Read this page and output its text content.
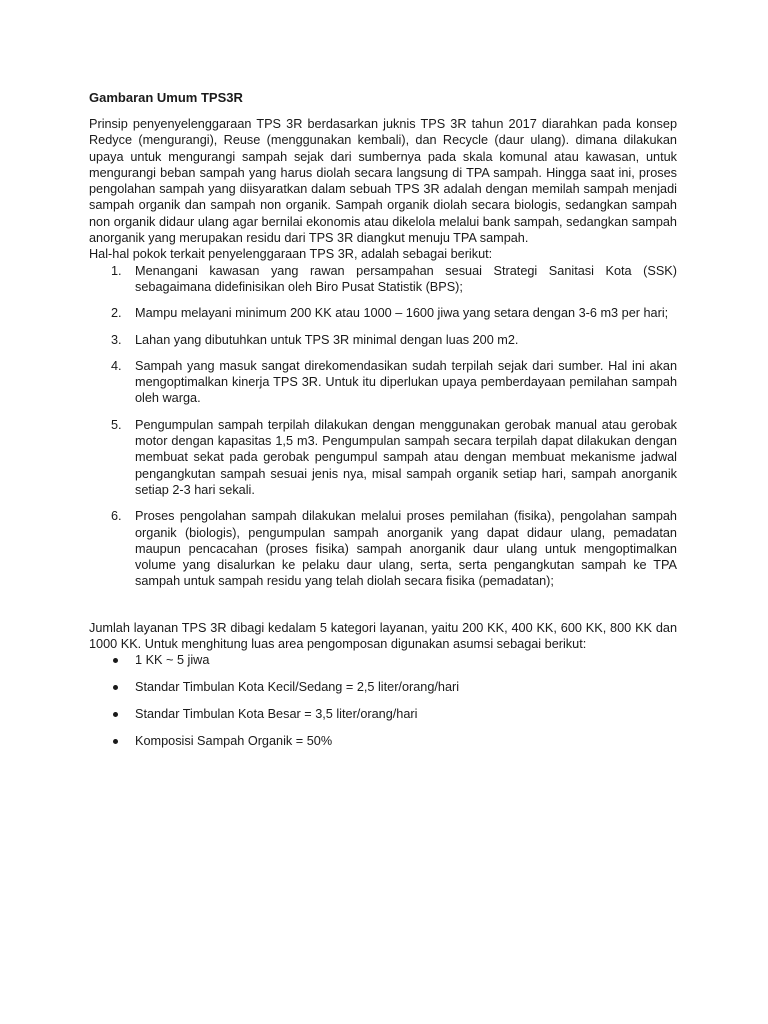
Gambaran Umum TPS3R

Prinsip penyenyelenggaraan TPS 3R berdasarkan juknis TPS 3R tahun 2017 diarahkan pada konsep Redyce (mengurangi), Reuse (menggunakan kembali), dan Recycle (daur ulang). dimana dilakukan upaya untuk mengurangi sampah sejak dari sumbernya pada skala komunal atau kawasan, untuk mengurangi beban sampah yang harus diolah secara langsung di TPA sampah. Hingga saat ini, proses pengolahan sampah yang diisyaratkan dalam sebuah TPS 3R adalah dengan memilah sampah menjadi sampah organik dan sampah non organik. Sampah organik diolah secara biologis, sedangkan sampah non organik didaur ulang agar bernilai ekonomis atau dikelola melalui bank sampah, sedangkan sampah anorganik yang merupakan residu dari TPS 3R diangkut menuju TPA sampah.

Hal-hal pokok terkait penyelenggaraan TPS 3R, adalah sebagai berikut:

1. Menangani kawasan yang rawan persampahan sesuai Strategi Sanitasi Kota (SSK) sebagaimana didefinisikan oleh Biro Pusat Statistik (BPS);
2. Mampu melayani minimum 200 KK atau 1000 – 1600 jiwa yang setara dengan 3-6 m3 per hari;
3. Lahan yang dibutuhkan untuk TPS 3R minimal dengan luas 200 m2.
4. Sampah yang masuk sangat direkomendasikan sudah terpilah sejak dari sumber. Hal ini akan mengoptimalkan kinerja TPS 3R. Untuk itu diperlukan upaya pemberdayaan pemilahan sampah oleh warga.
5. Pengumpulan sampah terpilah dilakukan dengan menggunakan gerobak manual atau gerobak motor dengan kapasitas 1,5 m3. Pengumpulan sampah secara terpilah dapat dilakukan dengan membuat sekat pada gerobak pengumpul sampah atau dengan membuat mekanisme jadwal pengangkutan sampah sesuai jenis nya, misal sampah organik setiap hari, sampah anorganik setiap 2-3 hari sekali.
6. Proses pengolahan sampah dilakukan melalui proses pemilahan (fisika), pengolahan sampah organik (biologis), pengumpulan sampah anorganik yang dapat didaur ulang, pemadatan maupun pencacahan (proses fisika) sampah anorganik daur ulang untuk mengoptimalkan volume yang disalurkan ke pelaku daur ulang, serta, serta pengangkutan sampah ke TPA sampah untuk sampah residu yang telah diolah secara fisika (pemadatan);

Jumlah layanan TPS 3R dibagi kedalam 5 kategori layanan, yaitu 200 KK, 400 KK, 600 KK, 800 KK dan 1000 KK. Untuk menghitung luas area pengomposan digunakan asumsi sebagai berikut:

1 KK ~ 5 jiwa
Standar Timbulan Kota Kecil/Sedang = 2,5 liter/orang/hari
Standar Timbulan Kota Besar = 3,5 liter/orang/hari
Komposisi Sampah Organik = 50%
